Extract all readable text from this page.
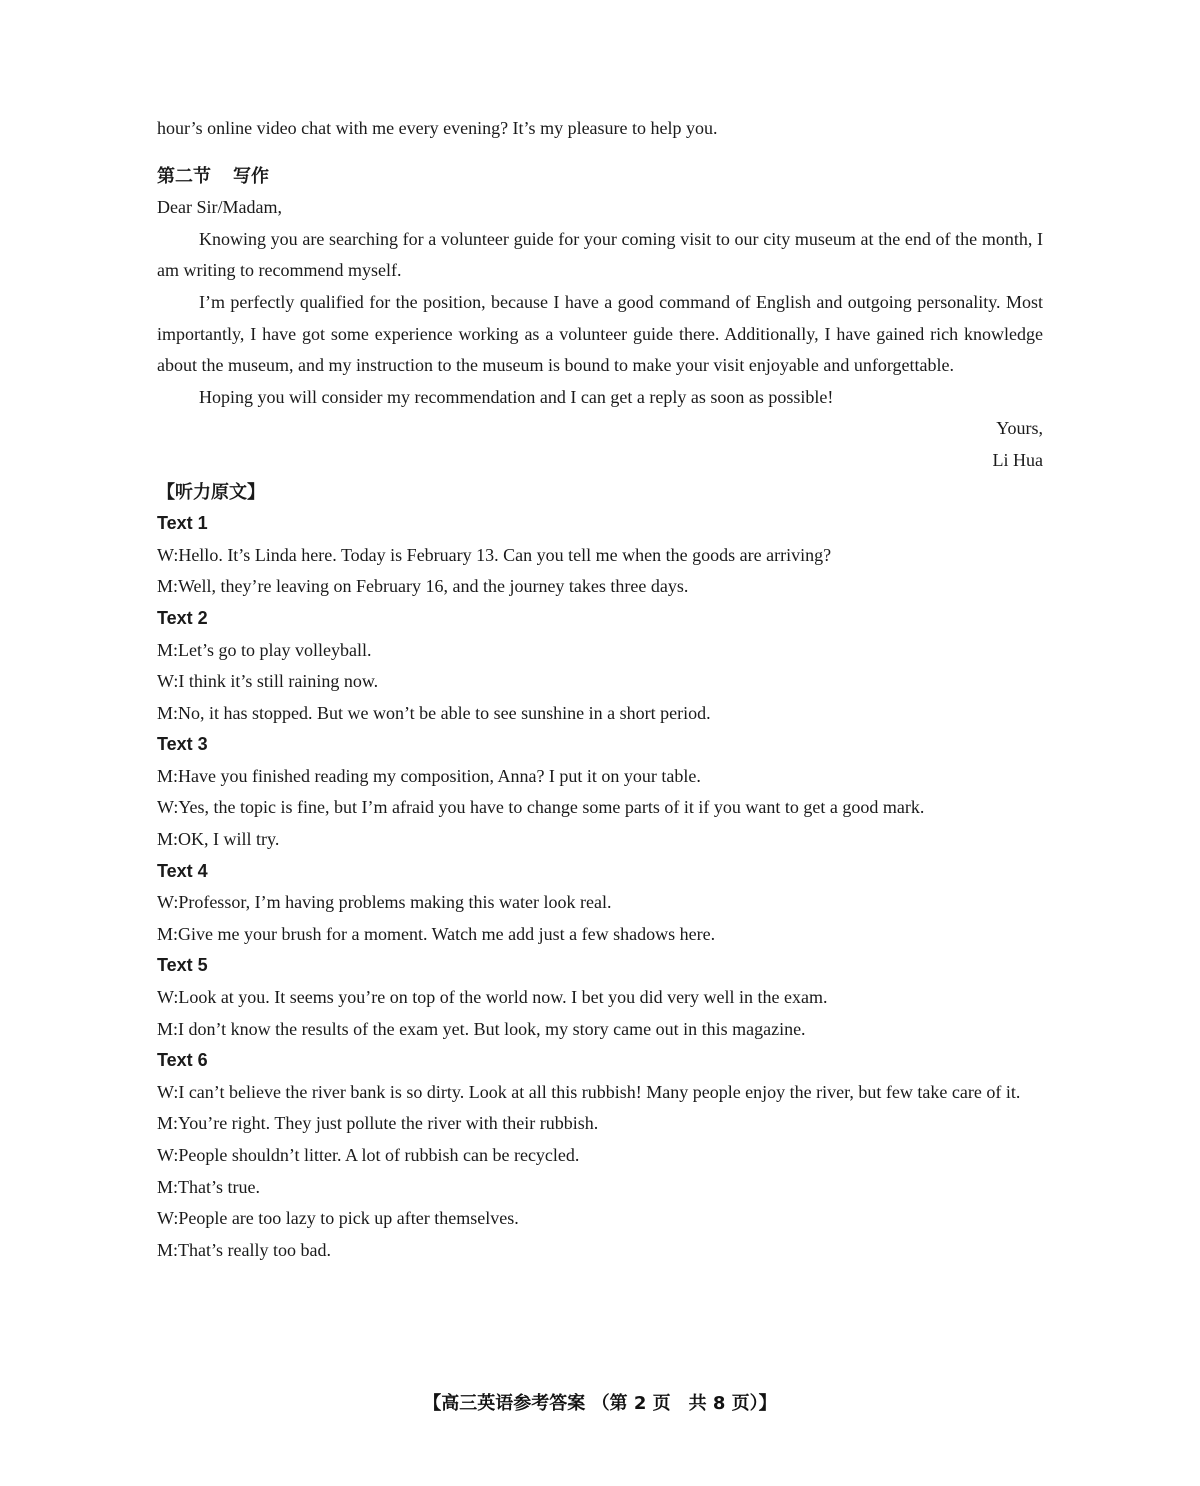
hour’s online video chat with me every evening? It’s my pleasure to help you.
第二节 写作
Dear Sir/Madam,

Knowing you are searching for a volunteer guide for your coming visit to our city museum at the end of the month, I am writing to recommend myself.

I’m perfectly qualified for the position, because I have a good command of English and outgoing personality. Most importantly, I have got some experience working as a volunteer guide there. Additionally, I have gained rich knowledge about the museum, and my instruction to the museum is bound to make your visit enjoyable and unforgettable.

Hoping you will consider my recommendation and I can get a reply as soon as possible!

Yours,
Li Hua
【听力原文】
Text 1
W:Hello. It’s Linda here. Today is February 13. Can you tell me when the goods are arriving?
M:Well, they’re leaving on February 16, and the journey takes three days.
Text 2
M:Let’s go to play volleyball.
W:I think it’s still raining now.
M:No, it has stopped. But we won’t be able to see sunshine in a short period.
Text 3
M:Have you finished reading my composition, Anna? I put it on your table.
W:Yes, the topic is fine, but I’m afraid you have to change some parts of it if you want to get a good mark.
M:OK, I will try.
Text 4
W:Professor, I’m having problems making this water look real.
M:Give me your brush for a moment. Watch me add just a few shadows here.
Text 5
W:Look at you. It seems you’re on top of the world now. I bet you did very well in the exam.
M:I don’t know the results of the exam yet. But look, my story came out in this magazine.
Text 6
W:I can’t believe the river bank is so dirty. Look at all this rubbish! Many people enjoy the river, but few take care of it.
M:You’re right. They just pollute the river with their rubbish.
W:People shouldn’t litter. A lot of rubbish can be recycled.
M:That’s true.
W:People are too lazy to pick up after themselves.
M:That’s really too bad.
【高三英语参考答案 （第 2 页　共 8 页）】
